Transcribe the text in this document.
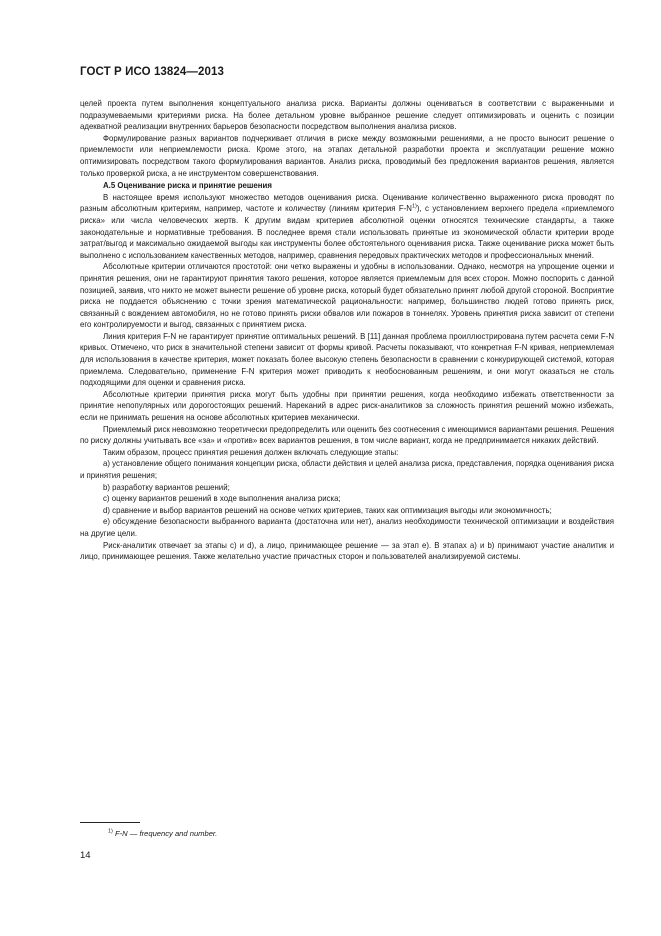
ГОСТ Р ИСО 13824—2013

целей проекта путем выполнения концептуального анализа риска. Варианты должны оцениваться в соответствии с выраженными и подразумеваемыми критериями риска. На более детальном уровне выбранное решение следует оптимизировать и оценить с позиции адекватной реализации внутренних барьеров безопасности посредством выполнения анализа рисков.

Формулирование разных вариантов подчеркивает отличия в риске между возможными решениями, а не просто выносит решение о приемлемости или неприемлемости риска. Кроме этого, на этапах детальной разработки проекта и эксплуатации решение можно оптимизировать посредством такого формулирования вариантов. Анализ риска, проводимый без предложения вариантов решения, является только проверкой риска, а не инструментом совершенствования.

А.5 Оценивание риска и принятие решения

В настоящее время используют множество методов оценивания риска. Оценивание количественно выраженного риска проводят по разным абсолютным критериям, например, частоте и количеству (линиям критерия $F-N^{1)}$), с установлением верхнего предела «приемлемого риска» или числа человеческих жертв. К другим видам критериев абсолютной оценки относятся технические стандарты, а также законодательные и нормативные требования. В последнее время стали использовать принятые из экономической области критерии вроде затрат/выгод и максимально ожидаемой выгоды как инструменты более обстоятельного оценивания риска. Также оценивание риска может быть выполнено с использованием качественных методов, например, сравнения передовых практических методов и профессиональных мнений.

Абсолютные критерии отличаются простотой: они четко выражены и удобны в использовании. Однако, несмотря на упрощение оценки и принятия решения, они не гарантируют принятия такого решения, которое является приемлемым для всех сторон. Можно поспорить с данной позицией, заявив, что никто не может вынести решение об уровне риска, который будет обязательно принят любой другой стороной. Восприятие риска не поддается объяснению с точки зрения математической рациональности: например, большинство людей готово принять риск, связанный с вождением автомобиля, но не готово принять риски обвалов или пожаров в тоннелях. Уровень принятия риска зависит от степени его контролируемости и выгод, связанных с принятием риска.

Линия критерия F-N не гарантирует принятие оптимальных решений. В [11] данная проблема проиллюстрирована путем расчета семи F-N кривых. Отмечено, что риск в значительной степени зависит от формы кривой. Расчеты показывают, что конкретная F-N кривая, неприемлемая для использования в качестве критерия, может показать более высокую степень безопасности в сравнении с конкурирующей системой, которая приемлема. Следовательно, применение F-N критерия может приводить к необоснованным решениям, и они могут оказаться не столь подходящими для оценки и сравнения риска.

Абсолютные критерии принятия риска могут быть удобны при принятии решения, когда необходимо избежать ответственности за принятие непопулярных или дорогостоящих решений. Нареканий в адрес риск-аналитиков за сложность принятия решений можно избежать, если не принимать решения на основе абсолютных критериев механически.

Приемлемый риск невозможно теоретически предопределить или оценить без соотнесения с имеющимися вариантами решения. Решения по риску должны учитывать все «за» и «против» всех вариантов решения, в том числе вариант, когда не предпринимается никаких действий.

Таким образом, процесс принятия решения должен включать следующие этапы:

a) установление общего понимания концепции риска, области действия и целей анализа риска, представления, порядка оценивания риска и принятия решения;

b) разработку вариантов решений;

c) оценку вариантов решений в ходе выполнения анализа риска;

d) сравнение и выбор вариантов решений на основе четких критериев, таких как оптимизация выгоды или экономичность;

e) обсуждение безопасности выбранного варианта (достаточна или нет), анализ необходимости технической оптимизации и воздействия на другие цели.

Риск-аналитик отвечает за этапы c) и d), а лицо, принимающее решение — за этап e). В этапах a) и b) принимают участие аналитик и лицо, принимающее решения. Также желательно участие причастных сторон и пользователей анализируемой системы.

$^{1)}$ F-N — frequency and number.
14
